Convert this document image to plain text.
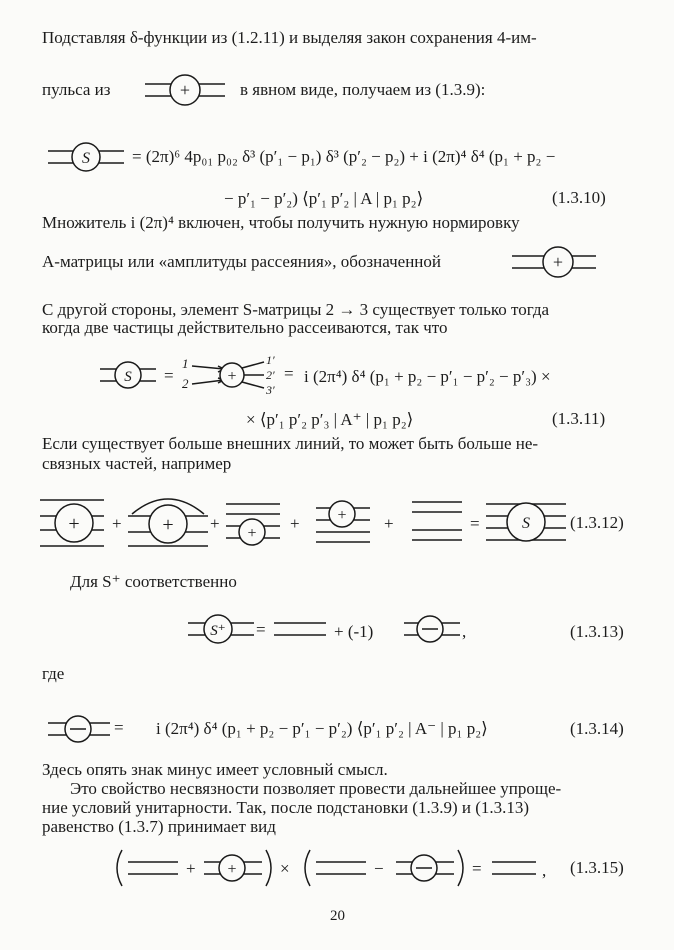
Подставляя δ-функции из (1.2.11) и выделяя закон сохранения 4-им-
пульса из	+	в явном виде, получаем из (1.3.9):
S = (2π)⁶ 4p₀₁ p₀₂ δ³ (p′₁ − p₁) δ³ (p′₂ − p₂) + i (2π)⁴ δ⁴ (p₁ + p₂ −
− p′₁ − p′₂) ⟨p′₁ p′₂ | A | p₁ p₂⟩	(1.3.10)
Множитель i (2π)⁴ включен, чтобы получить нужную нормировку
A-матрицы или «амплитуды рассеяния», обозначенной	+
С другой стороны, элемент S-матрицы 2 → 3 существует только тогда
когда две частицы действительно рассеиваются, так что
S =
1
2 +
1′
2′
3′
= i (2π⁴) δ⁴ (p₁ + p₂ − p′₁ − p′₂ − p′₃) ×
× ⟨p′₁ p′₂ p′₃ | A⁺ | p₁ p₂⟩	(1.3.11)
Если существует больше внешних линий, то может быть больше не-
связных частей, например
+ + + +
+
+ + +	=	S (1.3.12)
Для S⁺ соответственно
S⁺ =	+ (-1)	,	(1.3.13)
где
= i (2π⁴) δ⁴ (p₁ + p₂ − p′₁ − p′₂) ⟨p′₁ p′₂ | A⁻ | p₁ p₂⟩	(1.3.14)
Здесь опять знак минус имеет условный смысл.
Это свойство несвязности позволяет провести дальнейшее упроще-
ние условий унитарности. Так, после подстановки (1.3.9) и (1.3.13)
равенство (1.3.7) принимает вид
+ +	×	−	=	, (1.3.15)
20
